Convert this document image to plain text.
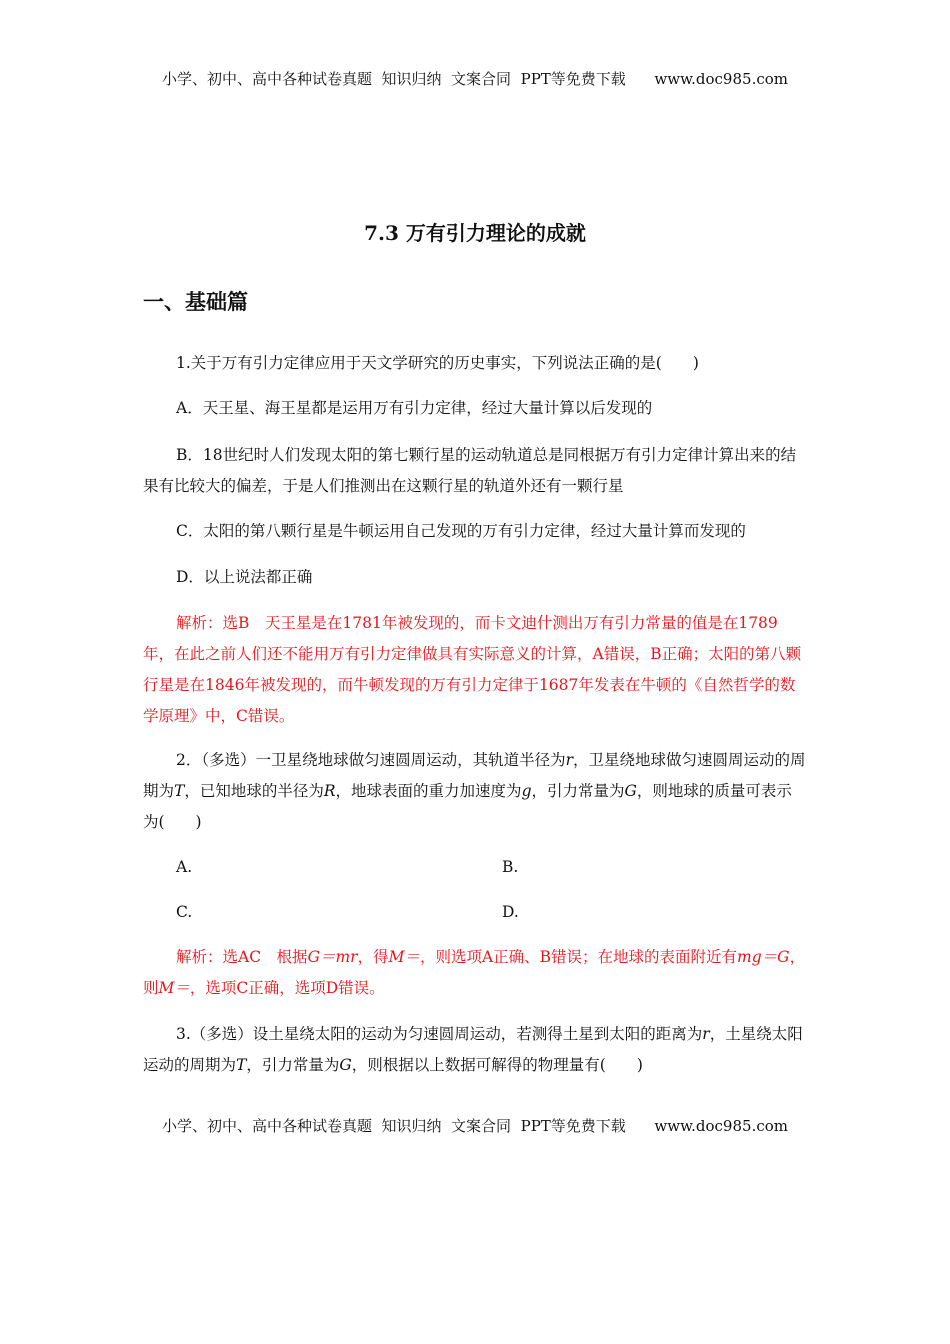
小学、初中、高中各种试卷真题  知识归纳  文案合同  PPT等免费下载      www.doc985.com
7.3 万有引力理论的成就
一、基础篇
1.关于万有引力定律应用于天文学研究的历史事实，下列说法正确的是(　　)
A．天王星、海王星都是运用万有引力定律，经过大量计算以后发现的
B．18世纪时人们发现太阳的第七颗行星的运动轨道总是同根据万有引力定律计算出来的结果有比较大的偏差，于是人们推测出在这颗行星的轨道外还有一颗行星
C．太阳的第八颗行星是牛顿运用自己发现的万有引力定律，经过大量计算而发现的
D．以上说法都正确
解析：选B　天王星是在1781年被发现的，而卡文迪什测出万有引力常量的值是在1789年，在此之前人们还不能用万有引力定律做具有实际意义的计算，A错误，B正确；太阳的第八颗行星是在1846年被发现的，而牛顿发现的万有引力定律于1687年发表在牛顿的《自然哲学的数学原理》中，C错误。
2．（多选）一卫星绕地球做匀速圆周运动，其轨道半径为r，卫星绕地球做匀速圆周运动的周期为T，已知地球的半径为R，地球表面的重力加速度为g，引力常量为G，则地球的质量可表示为(　　)
A.	B.
C.	D.
解析：选AC　根据G＝mr，得M＝，则选项A正确、B错误；在地球的表面附近有mg＝G，则M＝，选项C正确，选项D错误。
3.（多选）设土星绕太阳的运动为匀速圆周运动，若测得土星到太阳的距离为r，土星绕太阳运动的周期为T，引力常量为G，则根据以上数据可解得的物理量有(　　)
小学、初中、高中各种试卷真题  知识归纳  文案合同  PPT等免费下载      www.doc985.com
